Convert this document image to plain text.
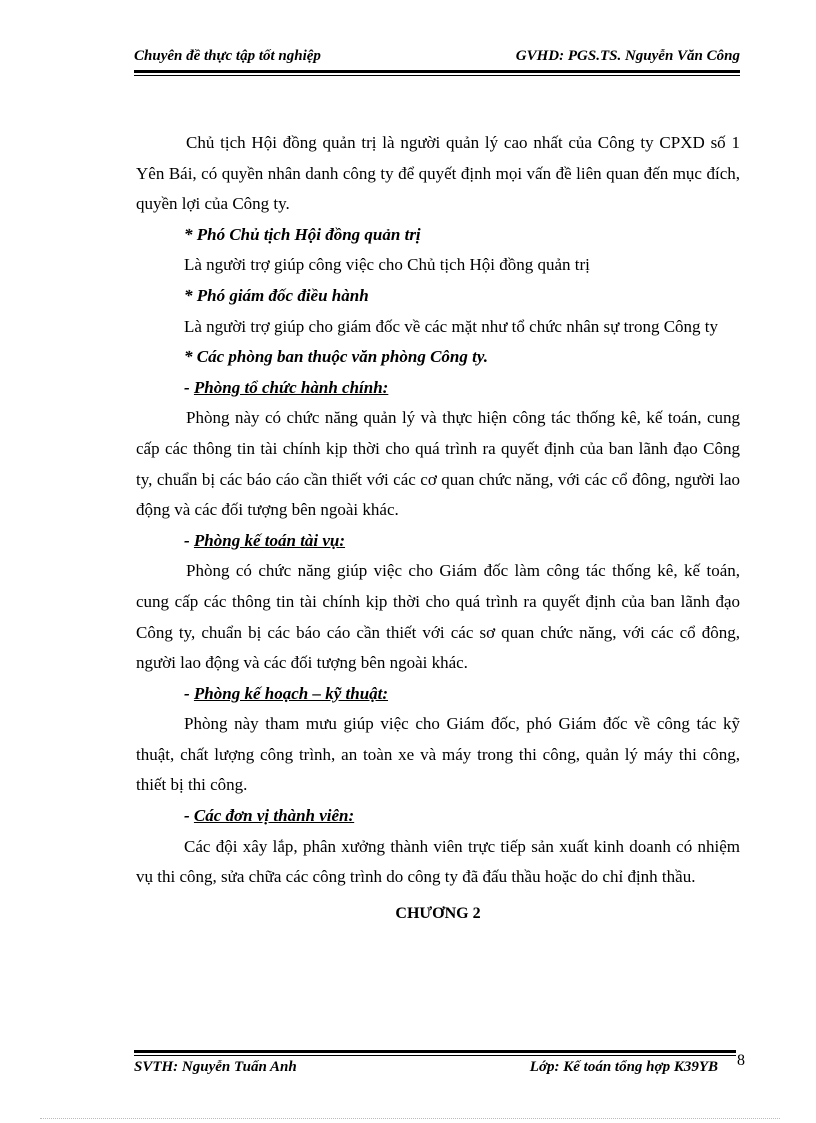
Chuyên đề thực tập tốt nghiệp	GVHD: PGS.TS. Nguyễn Văn Công

Chủ tịch Hội đồng quản trị là người quản lý cao nhất của Công ty CPXD số 1 Yên Bái, có quyền nhân danh công ty để quyết định mọi vấn đề liên quan đến mục đích, quyền lợi của Công ty.

* Phó Chủ tịch Hội đồng quản trị

Là người trợ giúp công việc cho Chủ tịch Hội đồng quản trị

* Phó giám đốc điều hành

Là người trợ giúp cho giám đốc về các mặt như tổ chức nhân sự trong Công ty

* Các phòng ban thuộc văn phòng Công ty.

- Phòng tổ chức hành chính:

Phòng này có chức năng quản lý và thực hiện công tác thống kê, kế toán, cung cấp các thông tin tài chính kịp thời cho quá trình ra quyết định của ban lãnh đạo Công ty, chuẩn bị các báo cáo cần thiết với các cơ quan chức năng, với các cổ đông, người lao động và các đối tượng bên ngoài khác.

- Phòng kế toán tài vụ:

Phòng có chức năng giúp việc cho Giám đốc làm công tác thống kê, kế toán, cung cấp các thông tin tài chính kịp thời cho quá trình ra quyết định của ban lãnh đạo Công ty, chuẩn bị các báo cáo cần thiết với các sơ quan chức năng, với các cổ đông, người lao động và các đối tượng bên ngoài khác.

- Phòng kế hoạch – kỹ thuật:

Phòng này tham mưu giúp việc cho Giám đốc, phó Giám đốc về công tác kỹ thuật, chất lượng công trình, an toàn xe và máy trong thi công, quản lý máy thi công, thiết bị thi công.

- Các đơn vị thành viên:

Các đội xây lắp, phân xưởng thành viên trực tiếp sản xuất kinh doanh có nhiệm vụ thi công, sửa chữa các công trình do công ty đã đấu thầu hoặc do chỉ định thầu.

CHƯƠNG 2

SVTH: Nguyễn Tuấn Anh	Lớp: Kế toán tổng hợp K39YB 8
